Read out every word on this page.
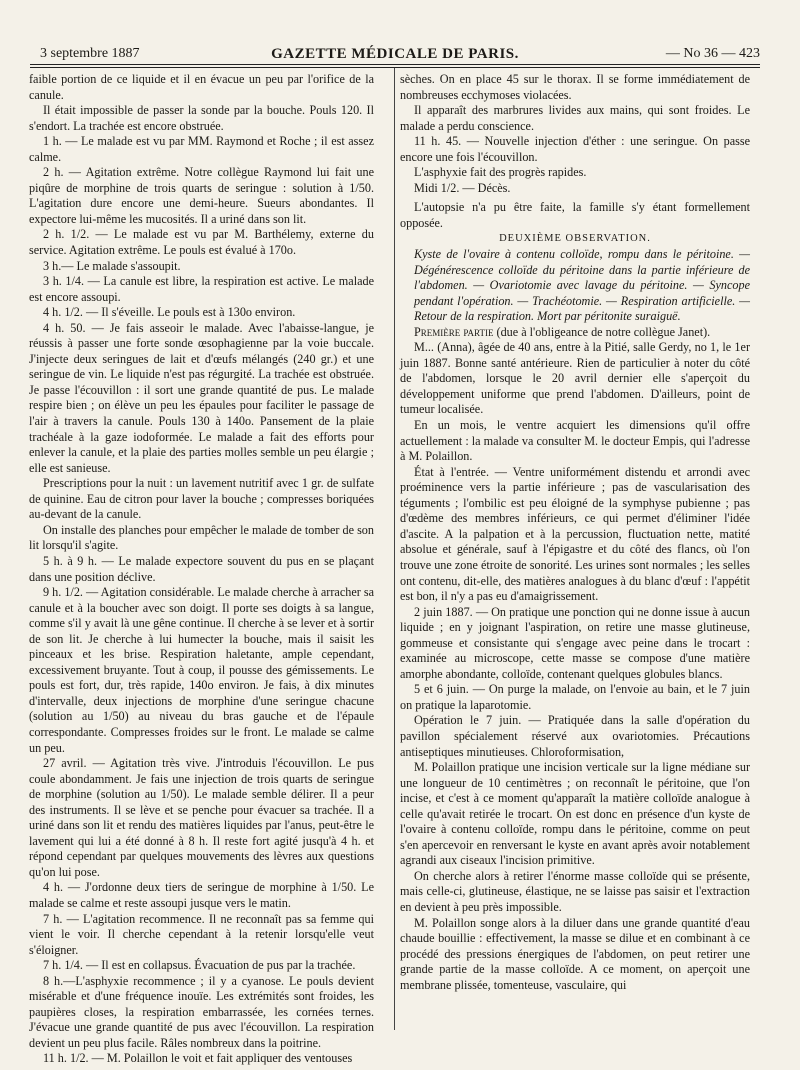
3 septembre 1887	GAZETTE MÉDICALE DE PARIS.	— No 36 — 423

faible portion de ce liquide et il en évacue un peu par l'orifice de la canule.

Il était impossible de passer la sonde par la bouche. Pouls 120. Il s'endort. La trachée est encore obstruée.

1 h. — Le malade est vu par MM. Raymond et Roche ; il est assez calme.

2 h. — Agitation extrême. Notre collègue Raymond lui fait une piqûre de morphine de trois quarts de seringue : solution à 1/50. L'agitation dure encore une demi-heure. Sueurs abondantes. Il expectore lui-même les mucosités. Il a uriné dans son lit.

2 h. 1/2. — Le malade est vu par M. Barthélemy, externe du service. Agitation extrême. Le pouls est évalué à 170o.

3 h.— Le malade s'assoupit.

3 h. 1/4. — La canule est libre, la respiration est active. Le malade est encore assoupi.

4 h. 1/2. — Il s'éveille. Le pouls est à 130o environ.

4 h. 50. — Je fais asseoir le malade. Avec l'abaisse-langue, je réussis à passer une forte sonde œsophagienne par la voie buccale. J'injecte deux seringues de lait et d'œufs mélangés (240 gr.) et une seringue de vin. Le liquide n'est pas régurgité. La trachée est obstruée. Je passe l'écouvillon : il sort une grande quantité de pus. Le malade respire bien ; on élève un peu les épaules pour faciliter le passage de l'air à travers la canule. Pouls 130 à 140o. Pansement de la plaie trachéale à la gaze iodoformée. Le malade a fait des efforts pour enlever la canule, et la plaie des parties molles semble un peu élargie ; elle est sanieuse.

Prescriptions pour la nuit : un lavement nutritif avec 1 gr. de sulfate de quinine. Eau de citron pour laver la bouche ; compresses boriquées au-devant de la canule.

On installe des planches pour empêcher le malade de tomber de son lit lorsqu'il s'agite.

5 h. à 9 h. — Le malade expectore souvent du pus en se plaçant dans une position déclive.

9 h. 1/2. — Agitation considérable. Le malade cherche à arracher sa canule et à la boucher avec son doigt. Il porte ses doigts à sa langue, comme s'il y avait là une gêne continue. Il cherche à se lever et à sortir de son lit. Je cherche à lui humecter la bouche, mais il saisit les pinceaux et les brise. Respiration haletante, ample cependant, excessivement bruyante. Tout à coup, il pousse des gémissements. Le pouls est fort, dur, très rapide, 140o environ. Je fais, à dix minutes d'intervalle, deux injections de morphine d'une seringue chacune (solution au 1/50) au niveau du bras gauche et de l'épaule correspondante. Compresses froides sur le front. Le malade se calme un peu.

27 avril. — Agitation très vive. J'introduis l'écouvillon. Le pus coule abondamment. Je fais une injection de trois quarts de seringue de morphine (solution au 1/50). Le malade semble délirer. Il a peur des instruments. Il se lève et se penche pour évacuer sa trachée. Il a uriné dans son lit et rendu des matières liquides par l'anus, peut-être le lavement qui lui a été donné à 8 h. Il reste fort agité jusqu'à 4 h. et répond cependant par quelques mouvements des lèvres aux questions qu'on lui pose.

4 h. — J'ordonne deux tiers de seringue de morphine à 1/50. Le malade se calme et reste assoupi jusque vers le matin.

7 h. — L'agitation recommence. Il ne reconnaît pas sa femme qui vient le voir. Il cherche cependant à la retenir lorsqu'elle veut s'éloigner.

7 h. 1/4. — Il est en collapsus. Évacuation de pus par la trachée.

8 h.—L'asphyxie recommence ; il y a cyanose. Le pouls devient misérable et d'une fréquence inouïe. Les extrémités sont froides, les paupières closes, la respiration embarrassée, les cornées ternes. J'évacue une grande quantité de pus avec l'écouvillon. La respiration devient un peu plus facile. Râles nombreux dans la poitrine.

11 h. 1/2. — M. Polaillon le voit et fait appliquer des ventouses

sèches. On en place 45 sur le thorax. Il se forme immédiatement de nombreuses ecchymoses violacées.

Il apparaît des marbrures livides aux mains, qui sont froides. Le malade a perdu conscience.

11 h. 45. — Nouvelle injection d'éther : une seringue. On passe encore une fois l'écouvillon.

L'asphyxie fait des progrès rapides.

Midi 1/2. — Décès.

L'autopsie n'a pu être faite, la famille s'y étant formellement opposée.

DEUXIÈME OBSERVATION.

Kyste de l'ovaire à contenu colloïde, rompu dans le péritoine. — Dégénérescence colloïde du péritoine dans la partie inférieure de l'abdomen. — Ovariotomie avec lavage du péritoine. — Syncope pendant l'opération. — Trachéotomie. — Respiration artificielle. — Retour de la respiration. Mort par péritonite suraiguë.

Première partie (due à l'obligeance de notre collègue Janet).

M... (Anna), âgée de 40 ans, entre à la Pitié, salle Gerdy, no 1, le 1er juin 1887. Bonne santé antérieure. Rien de particulier à noter du côté de l'abdomen, lorsque le 20 avril dernier elle s'aperçoit du développement uniforme que prend l'abdomen. D'ailleurs, point de tumeur localisée.

En un mois, le ventre acquiert les dimensions qu'il offre actuellement : la malade va consulter M. le docteur Empis, qui l'adresse à M. Polaillon.

État à l'entrée. — Ventre uniformément distendu et arrondi avec proéminence vers la partie inférieure ; pas de vascularisation des téguments ; l'ombilic est peu éloigné de la symphyse pubienne ; pas d'œdème des membres inférieurs, ce qui permet d'éliminer l'idée d'ascite. A la palpation et à la percussion, fluctuation nette, matité absolue et générale, sauf à l'épigastre et du côté des flancs, où l'on trouve une zone étroite de sonorité. Les urines sont normales ; les selles ont contenu, dit-elle, des matières analogues à du blanc d'œuf : l'appétit est bon, il n'y a pas eu d'amaigrissement.

2 juin 1887. — On pratique une ponction qui ne donne issue à aucun liquide ; en y joignant l'aspiration, on retire une masse glutineuse, gommeuse et consistante qui s'engage avec peine dans le trocart : examinée au microscope, cette masse se compose d'une matière amorphe abondante, colloïde, contenant quelques globules blancs.

5 et 6 juin. — On purge la malade, on l'envoie au bain, et le 7 juin on pratique la laparotomie.

Opération le 7 juin. — Pratiquée dans la salle d'opération du pavillon spécialement réservé aux ovariotomies. Précautions antiseptiques minutieuses. Chloroformisation,

M. Polaillon pratique une incision verticale sur la ligne médiane sur une longueur de 10 centimètres ; on reconnaît le péritoine, que l'on incise, et c'est à ce moment qu'apparaît la matière colloïde analogue à celle qu'avait retirée le trocart. On est donc en présence d'un kyste de l'ovaire à contenu colloïde, rompu dans le péritoine, comme on peut s'en apercevoir en renversant le kyste en avant après avoir notablement agrandi aux ciseaux l'incision primitive.

On cherche alors à retirer l'énorme masse colloïde qui se présente, mais celle-ci, glutineuse, élastique, ne se laisse pas saisir et l'extraction en devient à peu près impossible.

M. Polaillon songe alors à la diluer dans une grande quantité d'eau chaude bouillie : effectivement, la masse se dilue et en combinant à ce procédé des pressions énergiques de l'abdomen, on peut retirer une grande partie de la masse colloïde. A ce moment, on aperçoit une membrane plissée, tomenteuse, vasculaire, qui
